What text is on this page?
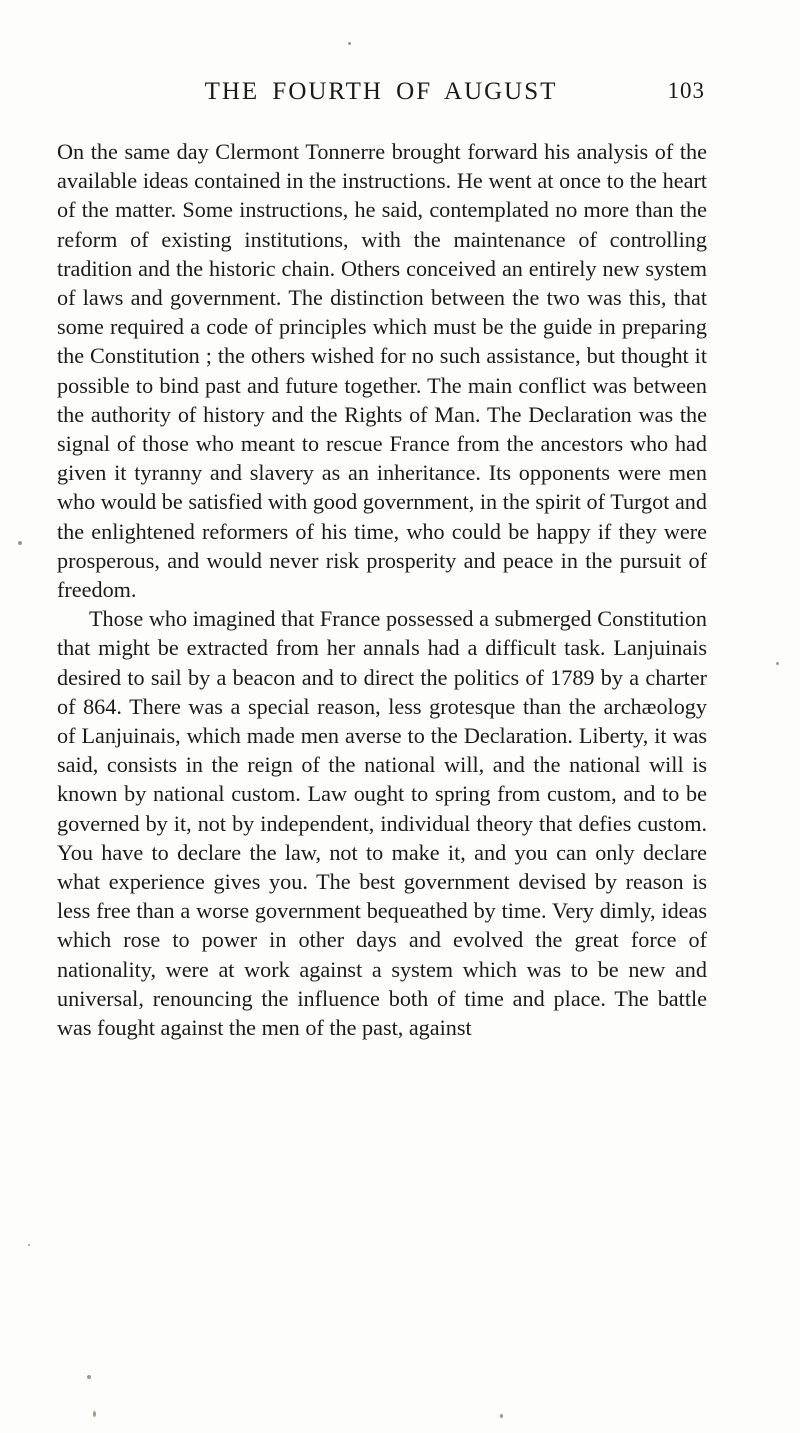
THE FOURTH OF AUGUST	103

On the same day Clermont Tonnerre brought forward his analysis of the available ideas contained in the instructions. He went at once to the heart of the matter. Some instructions, he said, contemplated no more than the reform of existing institutions, with the maintenance of controlling tradition and the historic chain. Others conceived an entirely new system of laws and government. The distinction between the two was this, that some required a code of principles which must be the guide in preparing the Constitution ; the others wished for no such assistance, but thought it possible to bind past and future together. The main conflict was between the authority of history and the Rights of Man. The Declaration was the signal of those who meant to rescue France from the ancestors who had given it tyranny and slavery as an inheritance. Its opponents were men who would be satisfied with good government, in the spirit of Turgot and the enlightened reformers of his time, who could be happy if they were prosperous, and would never risk prosperity and peace in the pursuit of freedom.

Those who imagined that France possessed a submerged Constitution that might be extracted from her annals had a difficult task. Lanjuinais desired to sail by a beacon and to direct the politics of 1789 by a charter of 864. There was a special reason, less grotesque than the archæology of Lanjuinais, which made men averse to the Declaration. Liberty, it was said, consists in the reign of the national will, and the national will is known by national custom. Law ought to spring from custom, and to be governed by it, not by independent, individual theory that defies custom. You have to declare the law, not to make it, and you can only declare what experience gives you. The best government devised by reason is less free than a worse government bequeathed by time. Very dimly, ideas which rose to power in other days and evolved the great force of nationality, were at work against a system which was to be new and universal, renouncing the influence both of time and place. The battle was fought against the men of the past, against
